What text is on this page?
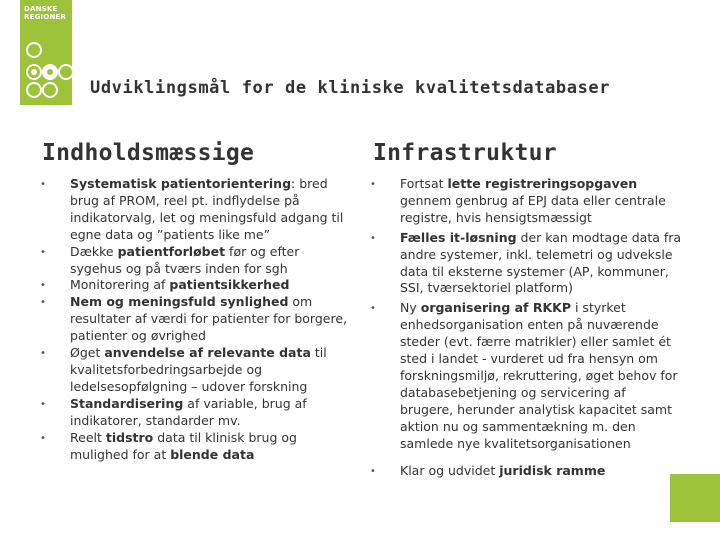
DANSKE
REGIONER
Udviklingsmål for de kliniske kvalitetsdatabaser
Indholdsmæssige	Infrastruktur
• Systematisk patientorientering: bred brug af PROM, reel pt. indflydelse på indikatorvalg, let og meningsfuld adgang til egne data og ”patients like me”
• Dække patientforløbet før og efter sygehus og på tværs inden for sgh
• Monitorering af patientsikkerhed
• Nem og meningsfuld synlighed om resultater af værdi for patienter for borgere, patienter og øvrighed
• Øget anvendelse af relevante data til kvalitetsforbedringsarbejde og ledelsesopfølgning – udover forskning
• Standardisering af variable, brug af indikatorer, standarder mv.
• Reelt tidstro data til klinisk brug og mulighed for at blende data
• Fortsat lette registreringsopgaven gennem genbrug af EPJ data eller centrale registre, hvis hensigtsmæssigt
• Fælles it-løsning der kan modtage data fra andre systemer, inkl. telemetri og udveksle data til eksterne systemer (AP, kommuner, SSI, tværsektoriel platform)
• Ny organisering af RKKP i styrket enhedsorganisation enten på nuværende steder (evt. færre matrikler) eller samlet ét sted i landet - vurderet ud fra hensyn om forskningsmiljø, rekruttering, øget behov for databasebetjening og servicering af brugere, herunder analytisk kapacitet samt aktion nu og sammentækning m. den samlede nye kvalitetsorganisationen
• Klar og udvidet juridisk ramme
